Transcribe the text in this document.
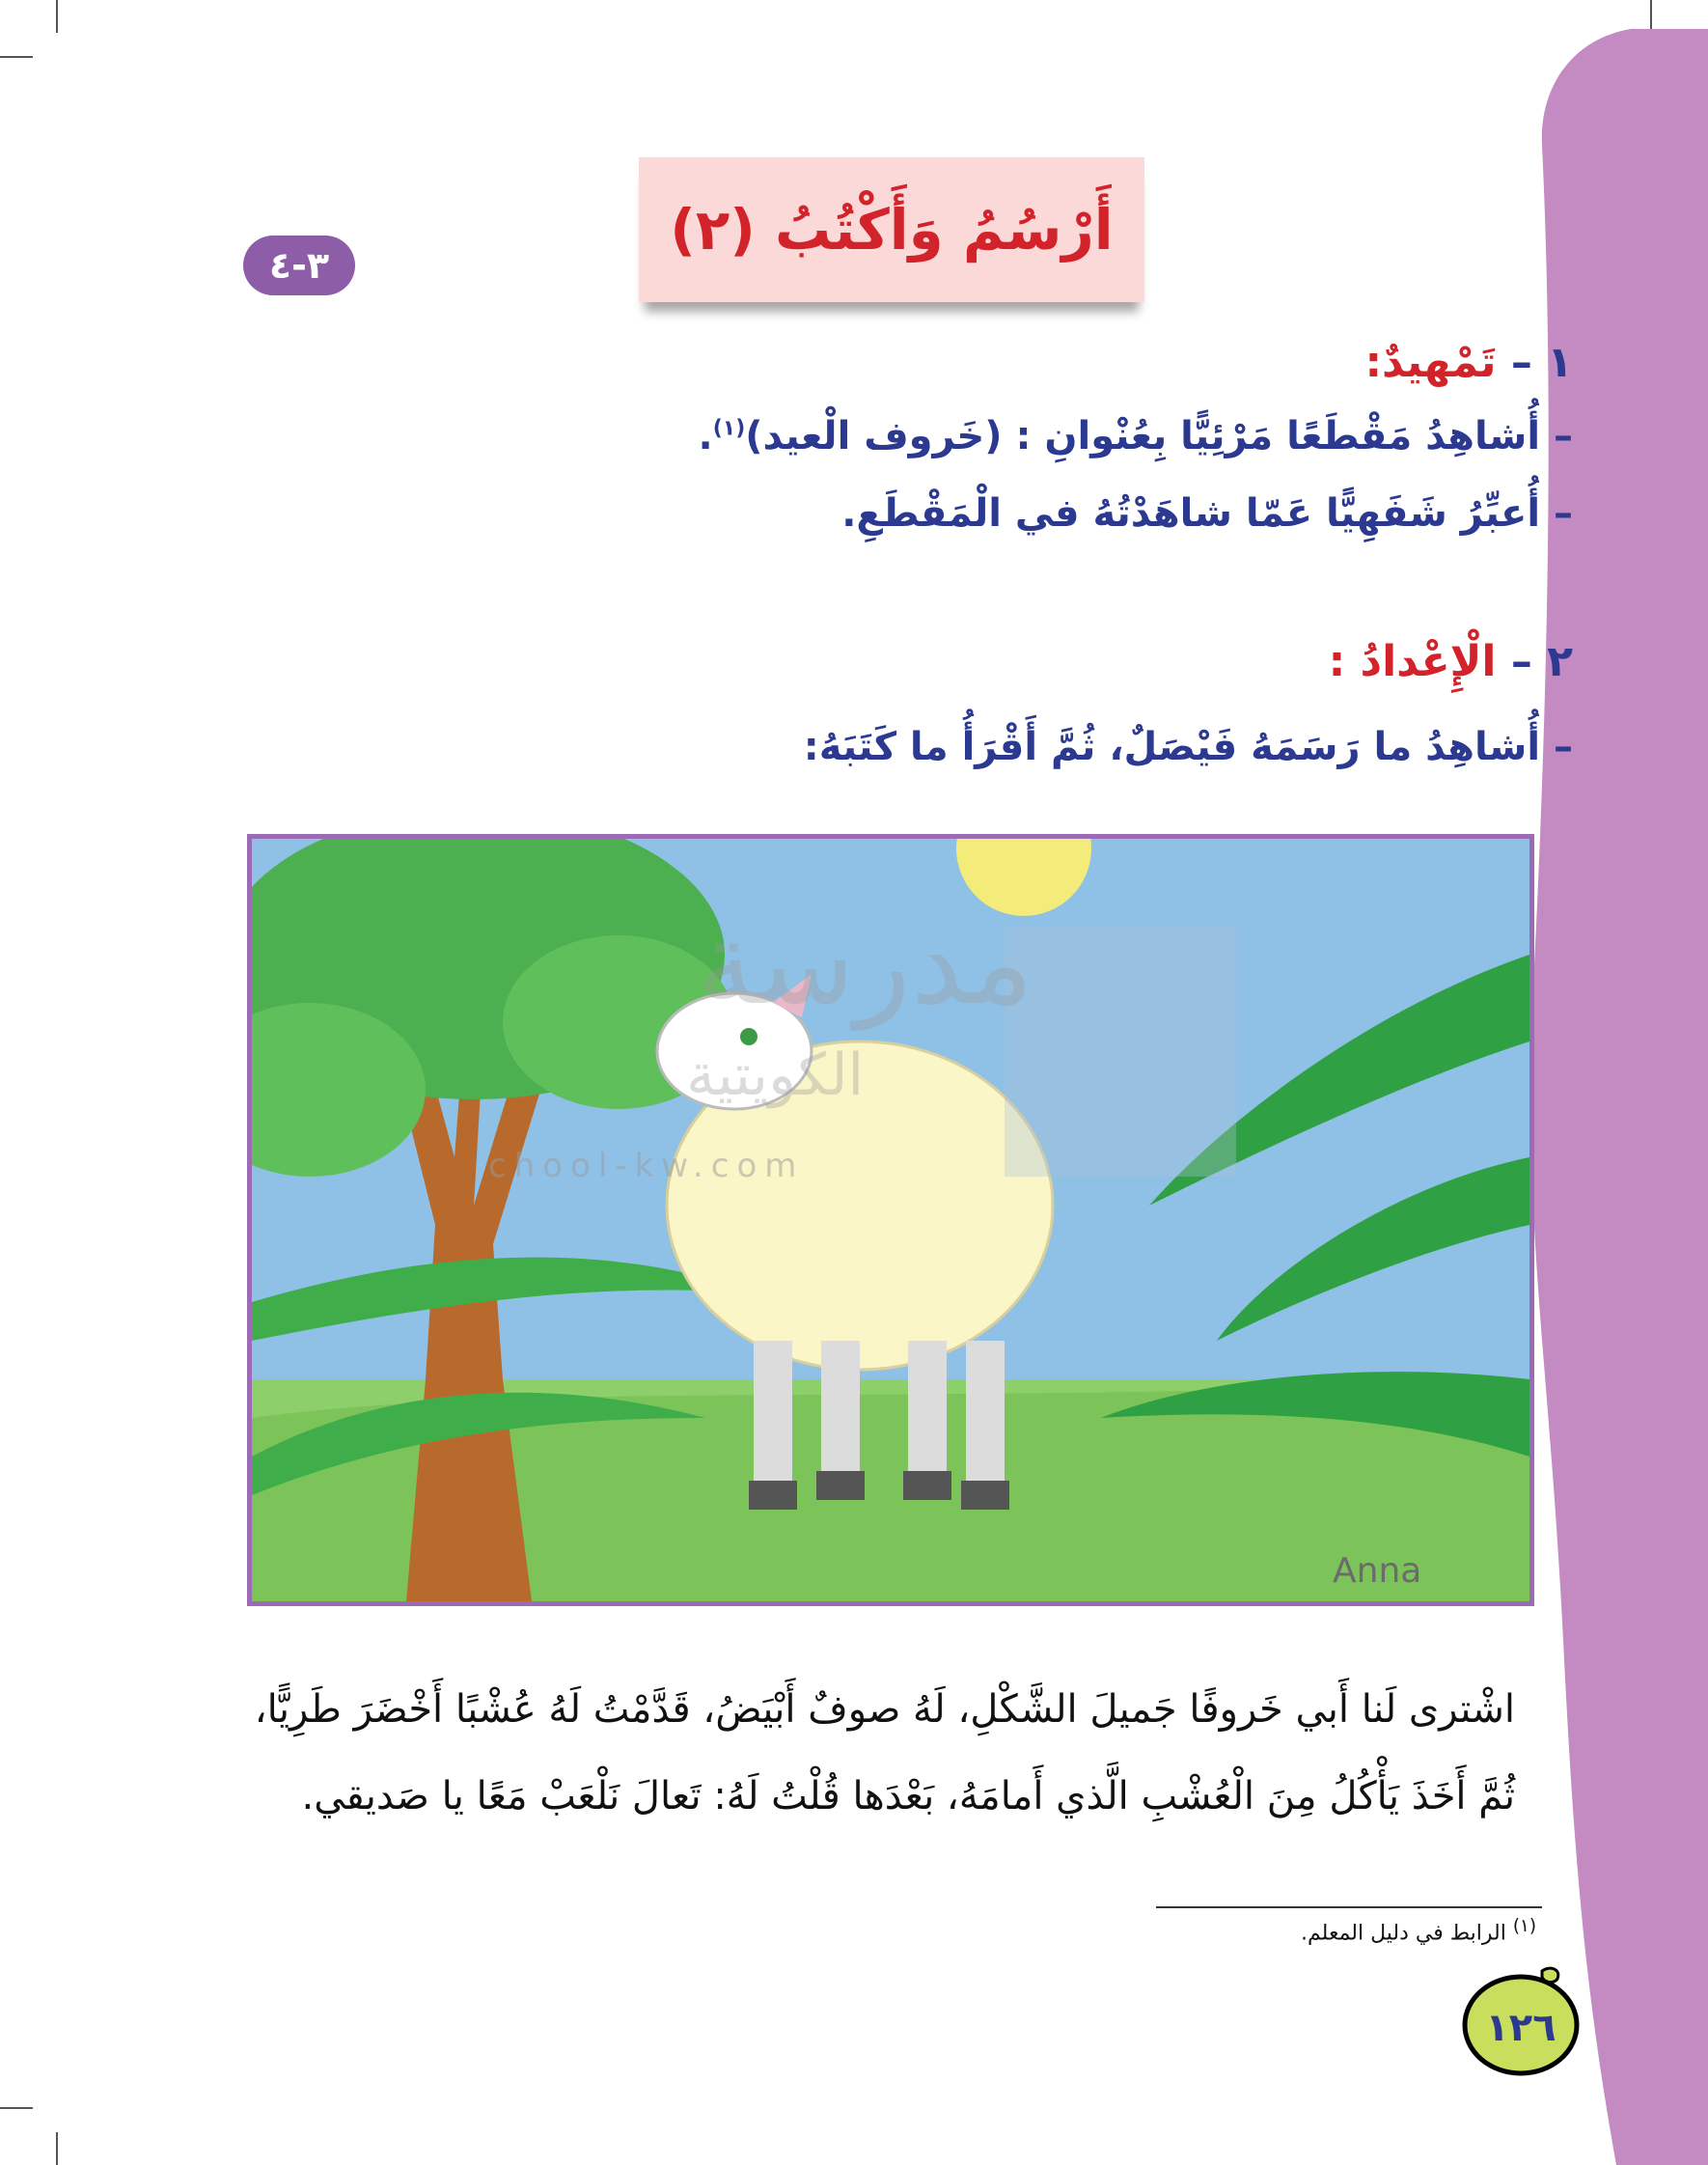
أَرْسُمُ وَأَكْتُبُ (٢)
٣-٤
١ – تَمْهيدٌ:
– أُشاهِدُ مَقْطَعًا مَرْئِيًّا بِعُنْوانِ : (خَروف الْعيد)$^{(١)}$.
– أُعبِّرُ شَفَهِيًّا عَمّا شاهَدْتُهُ في الْمَقْطَعِ.
٢ – الْإِعْدادُ :
– أُشاهِدُ ما رَسَمَهُ فَيْصَلٌ، ثُمَّ أَقْرَأُ ما كَتَبَهُ:
مدرسة
الكويتية
chool-kw.com
Anna
اشْترى لَنا أَبي خَروفًا جَميلَ الشَّكْلِ، لَهُ صوفٌ أَبْيَضُ، قَدَّمْتُ لَهُ عُشْبًا أَخْضَرَ طَرِيًّا،
ثُمَّ أَخَذَ يَأْكُلُ مِنَ الْعُشْبِ الَّذي أَمامَهُ، بَعْدَها قُلْتُ لَهُ: تَعالَ نَلْعَبْ مَعًا يا صَديقي.
$^{(١)}$ الرابط في دليل المعلم.
١٢٦
